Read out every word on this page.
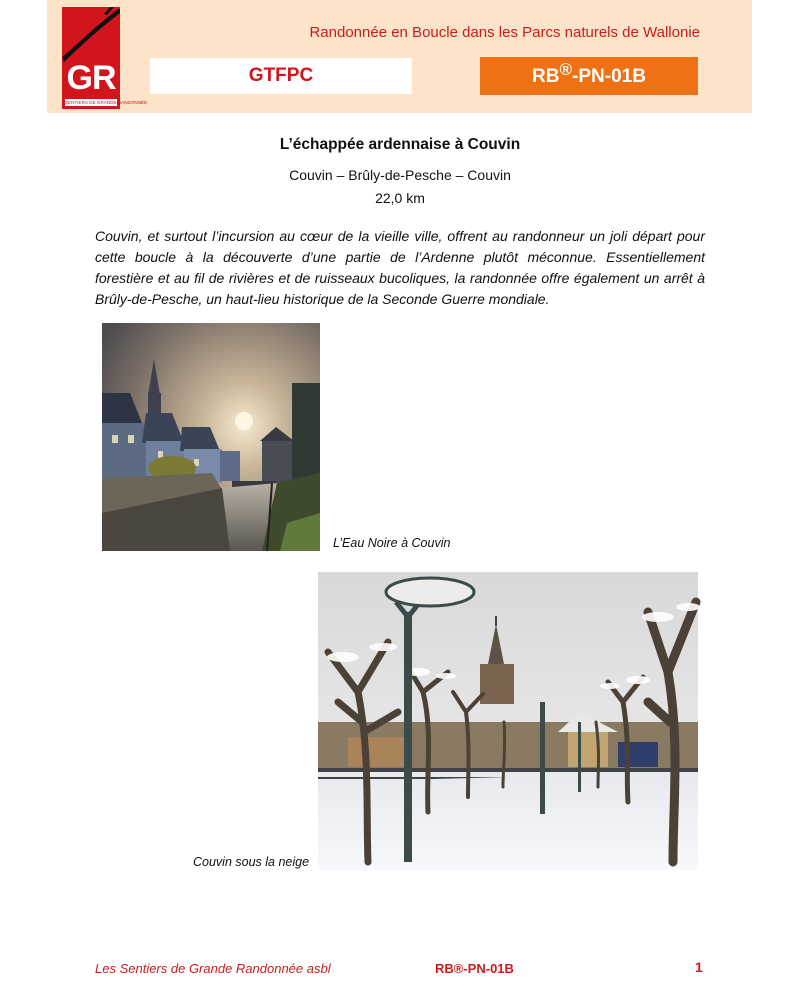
GR
SENTIERS DE GRANDE RANDONNÉE
Randonnée en Boucle dans les Parcs naturels de Wallonie
GTFPC	RB®-PN-01B
L’échappée ardennaise à Couvin
Couvin – Brûly-de-Pesche – Couvin
22,0 km

Couvin, et surtout l’incursion au cœur de la vieille ville, offrent au randonneur un joli départ pour cette boucle à la découverte d’une partie de l’Ardenne plutôt méconnue. Essentiellement forestière et au fil de rivières et de ruisseaux bucoliques, la randonnée offre également un arrêt à Brûly-de-Pesche, un haut-lieu historique de la Seconde Guerre mondiale.

L’Eau Noire à Couvin
Couvin sous la neige
Les Sentiers de Grande Randonnée asbl	RB®-PN-01B	1
